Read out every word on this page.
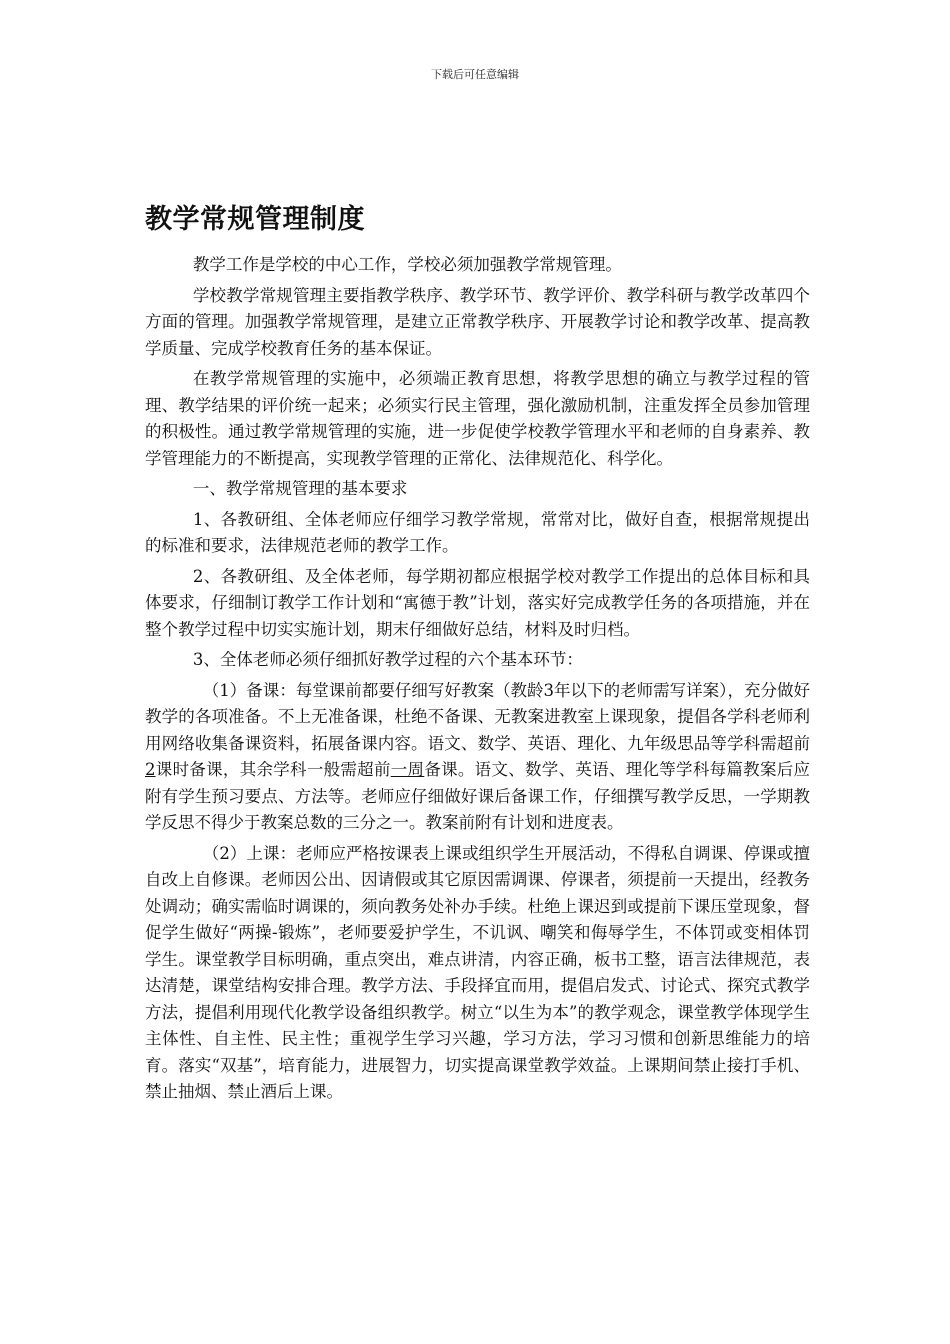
下载后可任意编辑
教学常规管理制度

教学工作是学校的中心工作，学校必须加强教学常规管理。

学校教学常规管理主要指教学秩序、教学环节、教学评价、教学科研与教学改革四个方面的管理。加强教学常规管理，是建立正常教学秩序、开展教学讨论和教学改革、提高教学质量、完成学校教育任务的基本保证。

在教学常规管理的实施中，必须端正教育思想，将教学思想的确立与教学过程的管理、教学结果的评价统一起来；必须实行民主管理，强化激励机制，注重发挥全员参加管理的积极性。通过教学常规管理的实施，进一步促使学校教学管理水平和老师的自身素养、教学管理能力的不断提高，实现教学管理的正常化、法律规范化、科学化。

一、教学常规管理的基本要求

1、各教研组、全体老师应仔细学习教学常规，常常对比，做好自查，根据常规提出的标准和要求，法律规范老师的教学工作。

2、各教研组、及全体老师，每学期初都应根据学校对教学工作提出的总体目标和具体要求，仔细制订教学工作计划和“寓德于教”计划，落实好完成教学任务的各项措施，并在整个教学过程中切实实施计划，期末仔细做好总结，材料及时归档。

3、全体老师必须仔细抓好教学过程的六个基本环节：

（1）备课：每堂课前都要仔细写好教案（教龄3年以下的老师需写详案），充分做好教学的各项准备。不上无准备课，杜绝不备课、无教案进教室上课现象，提倡各学科老师利用网络收集备课资料，拓展备课内容。语文、数学、英语、理化、九年级思品等学科需超前2课时备课，其余学科一般需超前一周备课。语文、数学、英语、理化等学科每篇教案后应附有学生预习要点、方法等。老师应仔细做好课后备课工作，仔细撰写教学反思，一学期教学反思不得少于教案总数的三分之一。教案前附有计划和进度表。

（2）上课：老师应严格按课表上课或组织学生开展活动，不得私自调课、停课或擅自改上自修课。老师因公出、因请假或其它原因需调课、停课者，须提前一天提出，经教务处调动；确实需临时调课的，须向教务处补办手续。杜绝上课迟到或提前下课压堂现象，督促学生做好“两操-锻炼”，老师要爱护学生，不讥讽、嘲笑和侮辱学生，不体罚或变相体罚学生。课堂教学目标明确，重点突出，难点讲清，内容正确，板书工整，语言法律规范，表达清楚，课堂结构安排合理。教学方法、手段择宜而用，提倡启发式、讨论式、探究式教学方法，提倡利用现代化教学设备组织教学。树立“以生为本”的教学观念，课堂教学体现学生主体性、自主性、民主性；重视学生学习兴趣，学习方法，学习习惯和创新思维能力的培育。落实“双基”，培育能力，进展智力，切实提高课堂教学效益。上课期间禁止接打手机、禁止抽烟、禁止酒后上课。
